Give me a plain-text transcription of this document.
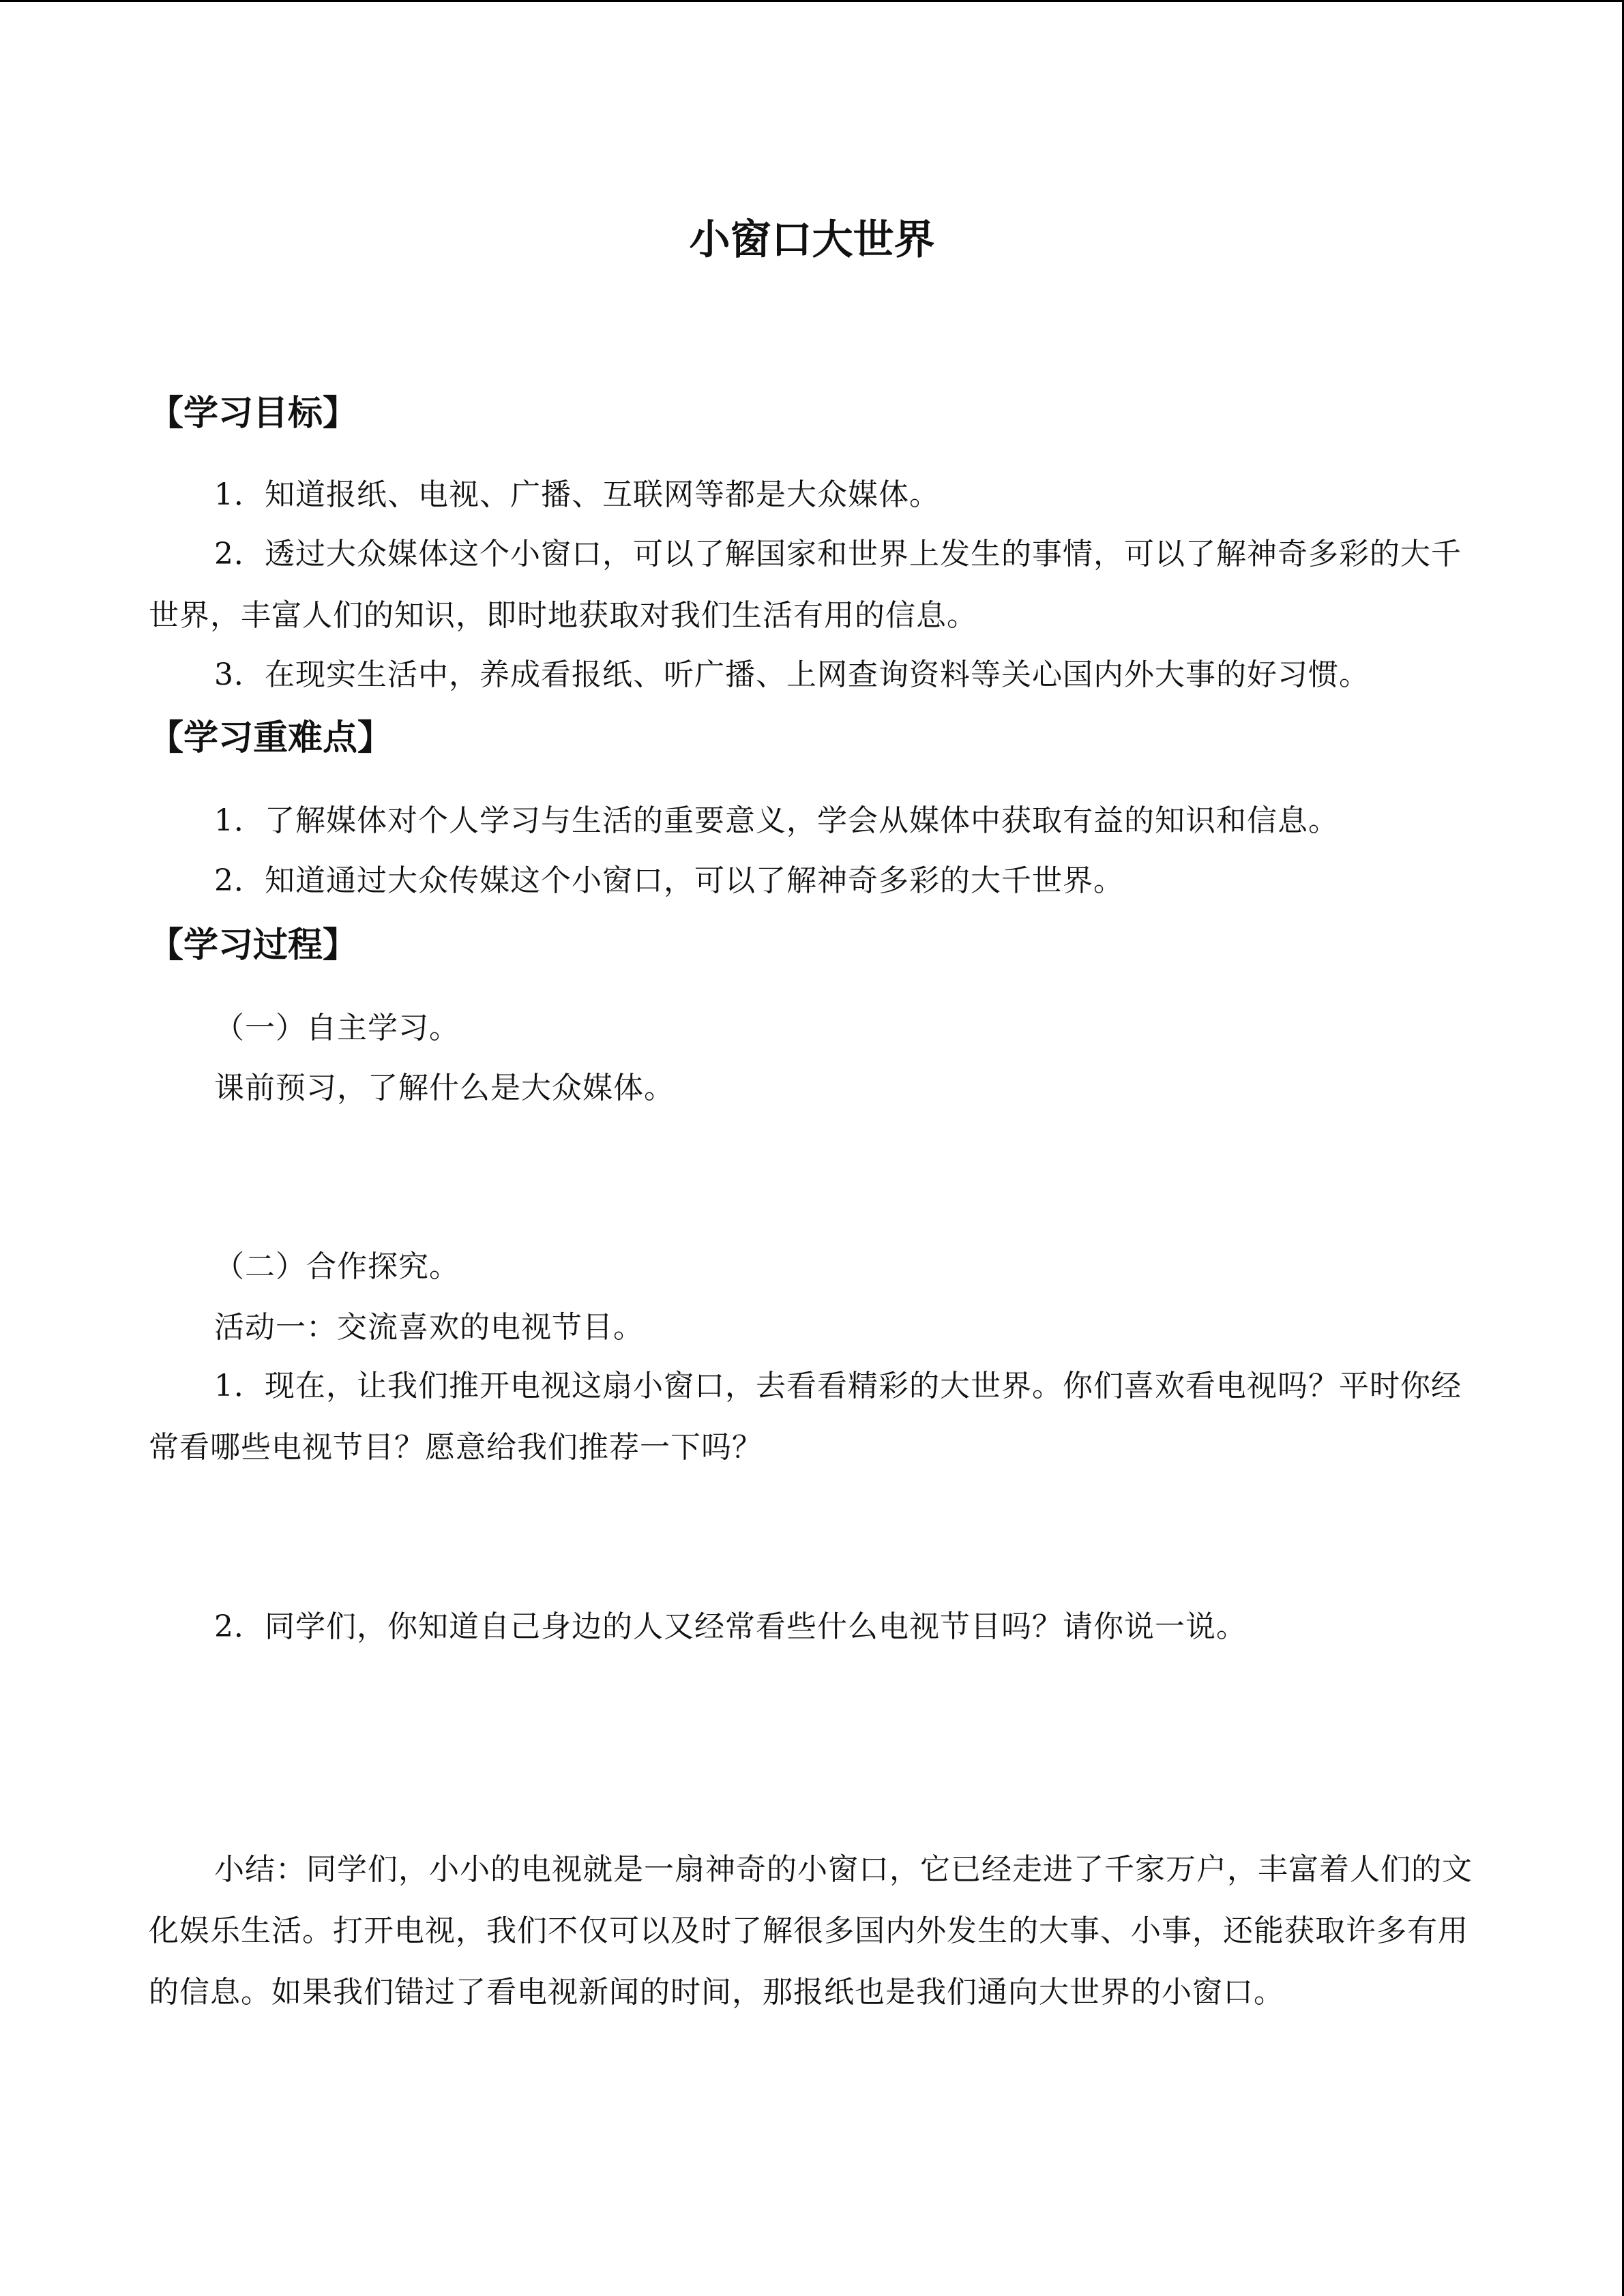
小窗口大世界
【学习目标】

1．知道报纸、电视、广播、互联网等都是大众媒体。

2．透过大众媒体这个小窗口，可以了解国家和世界上发生的事情，可以了解神奇多彩的大千世界，丰富人们的知识，即时地获取对我们生活有用的信息。

3．在现实生活中，养成看报纸、听广播、上网查询资料等关心国内外大事的好习惯。

【学习重难点】

1．了解媒体对个人学习与生活的重要意义，学会从媒体中获取有益的知识和信息。

2．知道通过大众传媒这个小窗口，可以了解神奇多彩的大千世界。

【学习过程】

（一）自主学习。

课前预习，了解什么是大众媒体。

（二）合作探究。

活动一：交流喜欢的电视节目。

1．现在，让我们推开电视这扇小窗口，去看看精彩的大世界。你们喜欢看电视吗？平时你经常看哪些电视节目？愿意给我们推荐一下吗？

2．同学们，你知道自己身边的人又经常看些什么电视节目吗？请你说一说。

小结：同学们，小小的电视就是一扇神奇的小窗口，它已经走进了千家万户，丰富着人们的文化娱乐生活。打开电视，我们不仅可以及时了解很多国内外发生的大事、小事，还能获取许多有用的信息。如果我们错过了看电视新闻的时间，那报纸也是我们通向大世界的小窗口。
